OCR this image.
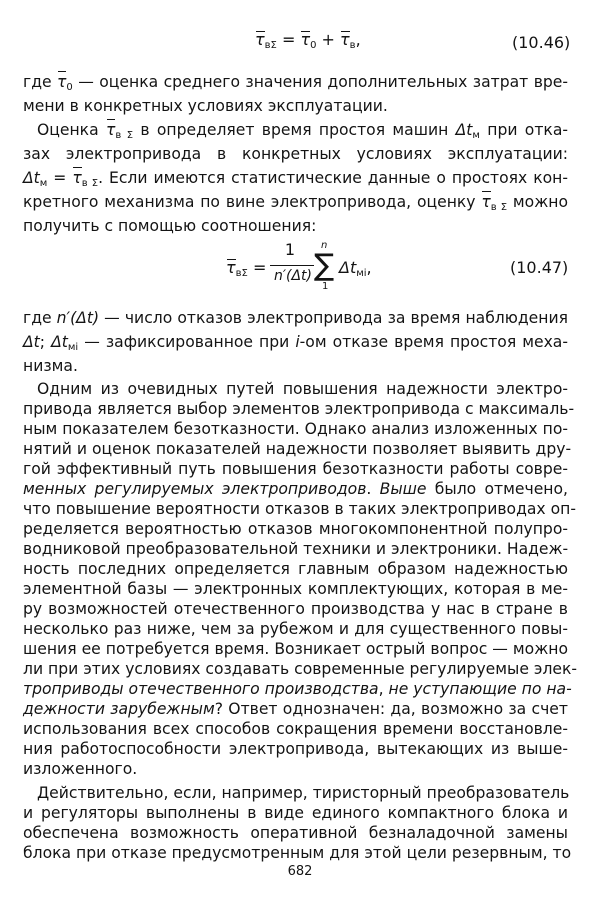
$\tau_{в\Sigma} = \tau_0 + \tau_в$,	(10.46)
где $\tau_0$ — оценка среднего значения дополнительных затрат вре-
мени в конкретных условиях эксплуатации.
Оценка $\tau_{в \Sigma}$ в определяет время простоя машин $\Delta t_м$ при отка-
зах электропривода в конкретных условиях эксплуатации:
$\Delta t_м = \tau_{в \Sigma}$. Если имеются статистические данные о простоях кон-
кретного механизма по вине электропривода, оценку $\tau_{в \Sigma}$ можно
получить с помощью соотношения:
$\tau_{в\Sigma}$ =
1
n′(Δt)
n
∑
1
$\Delta t_{мi}$,	(10.47)
где n′(Δt) — число отказов электропривода за время наблюдения
Δt; $\Delta t_{мi}$ — зафиксированное при i-ом отказе время простоя меха-
низма.
Одним из очевидных путей повышения надежности электро-
привода является выбор элементов электропривода с максималь-
ным показателем безотказности. Однако анализ изложенных по-
нятий и оценок показателей надежности позволяет выявить дру-
гой эффективный путь повышения безотказности работы совре-
менных регулируемых электроприводов. Выше было отмечено,
что повышение вероятности отказов в таких электроприводах оп-
ределяется вероятностью отказов многокомпонентной полупро-
водниковой преобразовательной техники и электроники. Надеж-
ность последних определяется главным образом надежностью
элементной базы — электронных комплектующих, которая в ме-
ру возможностей отечественного производства у нас в стране в
несколько раз ниже, чем за рубежом и для существенного повы-
шения ее потребуется время. Возникает острый вопрос — можно
ли при этих условиях создавать современные регулируемые элек-
троприводы отечественного производства, не уступающие по на-
дежности зарубежным? Ответ однозначен: да, возможно за счет
использования всех способов сокращения времени восстановле-
ния работоспособности электропривода, вытекающих из выше-
изложенного.
682
Действительно, если, например, тиристорный преобразователь
и регуляторы выполнены в виде единого компактного блока и
обеспечена возможность оперативной безналадочной замены
блока при отказе предусмотренным для этой цели резервным, то
